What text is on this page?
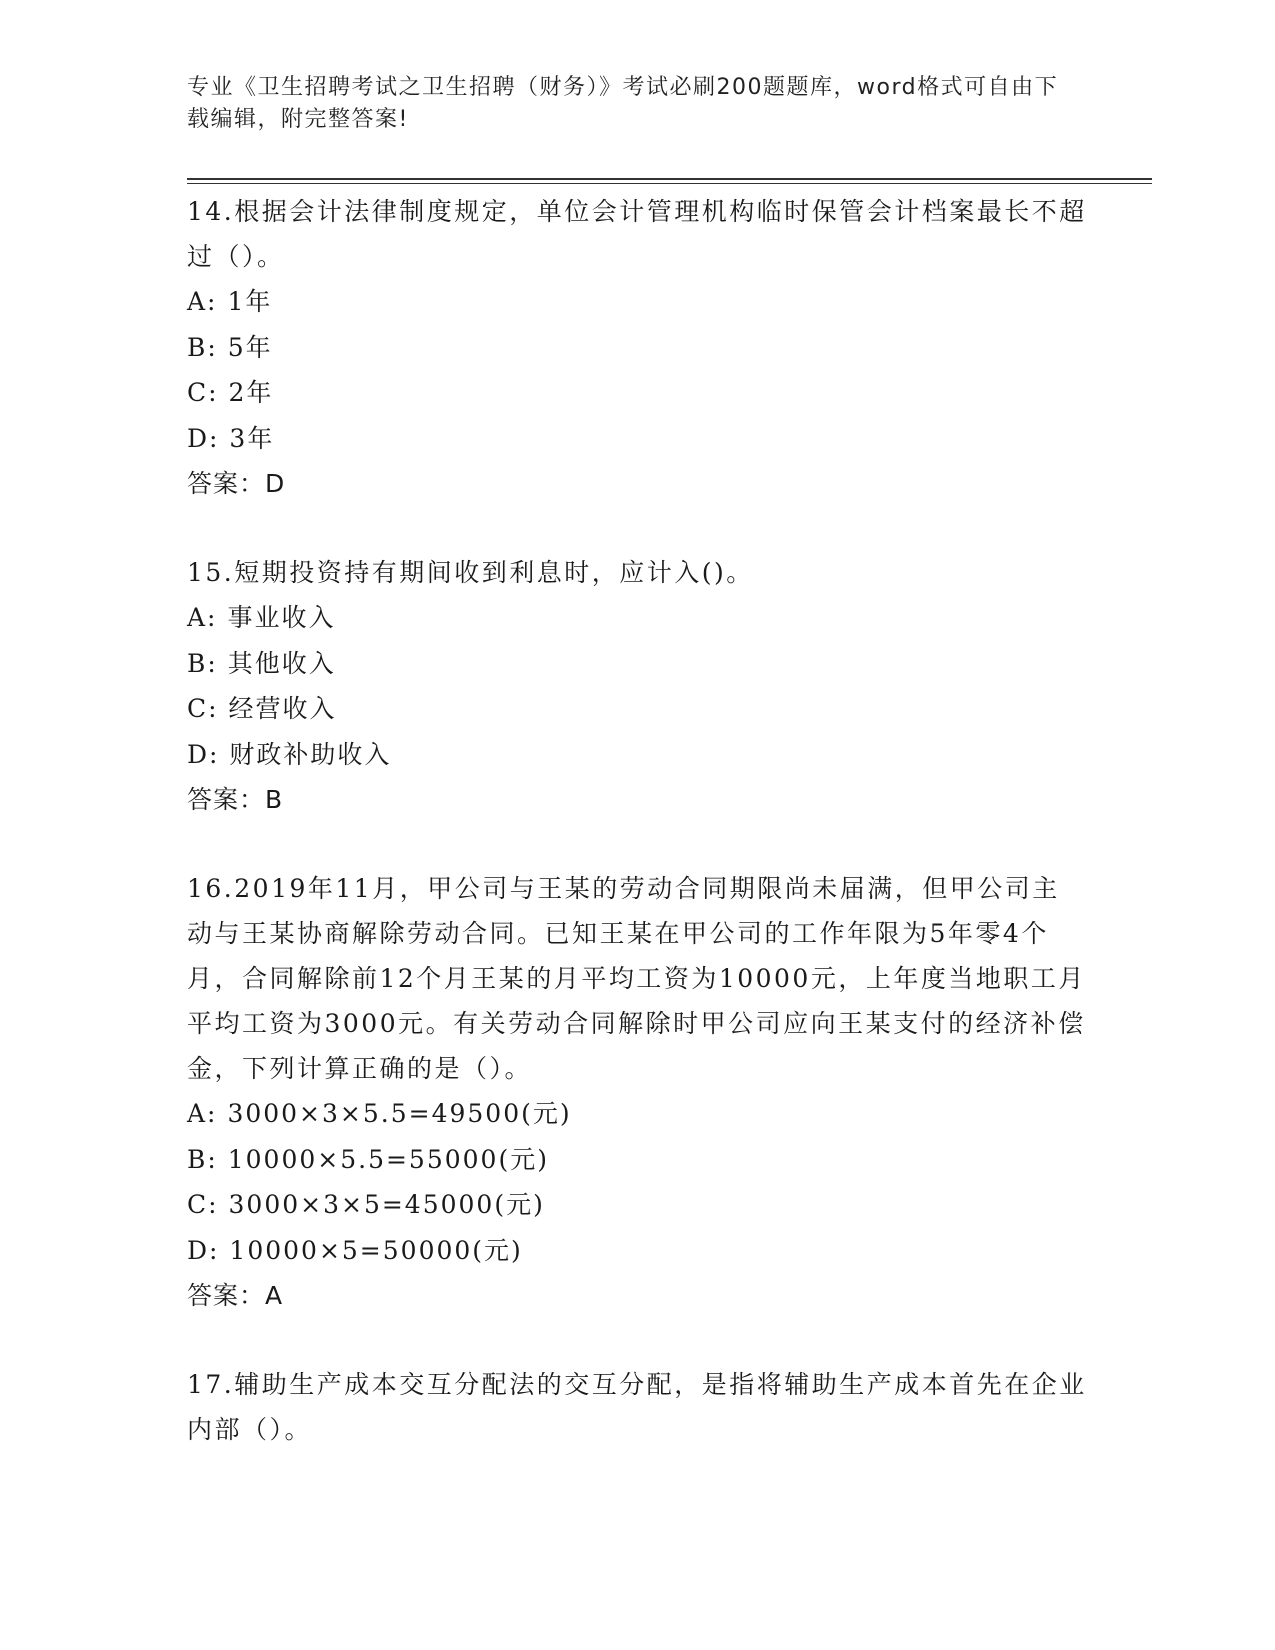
专业《卫生招聘考试之卫生招聘（财务）》考试必刷200题题库，word格式可自由下载编辑，附完整答案!

14.根据会计法律制度规定，单位会计管理机构临时保管会计档案最长不超过（）。

A: 1年

B: 5年

C: 2年

D: 3年

答案：D

15.短期投资持有期间收到利息时，应计入()。

A: 事业收入

B: 其他收入

C: 经营收入

D: 财政补助收入

答案：B

16.2019年11月，甲公司与王某的劳动合同期限尚未届满，但甲公司主动与王某协商解除劳动合同。已知王某在甲公司的工作年限为5年零4个月，合同解除前12个月王某的月平均工资为10000元，上年度当地职工月平均工资为3000元。有关劳动合同解除时甲公司应向王某支付的经济补偿金，下列计算正确的是（）。

A: 3000×3×5.5=49500(元)

B: 10000×5.5=55000(元)

C: 3000×3×5=45000(元)

D: 10000×5=50000(元)

答案：A

17.辅助生产成本交互分配法的交互分配，是指将辅助生产成本首先在企业内部（）。
